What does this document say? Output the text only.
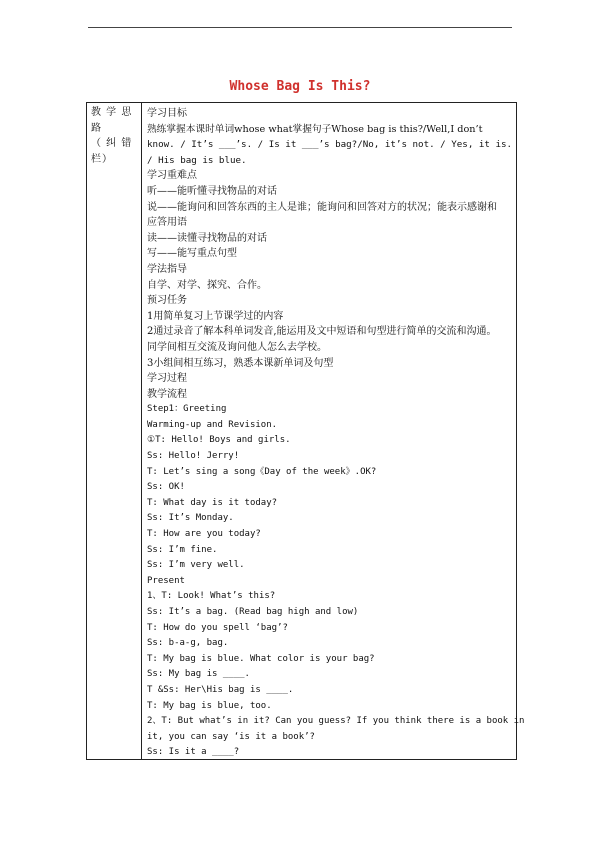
Whose Bag Is This?
教 学 思
路
（ 纠 错
栏）
学习目标
熟练掌握本课时单词whose what掌握句子Whose bag is this?/Well,I don’t
know. / It’s ___’s. / Is it ___’s bag?/No, it’s not. / Yes, it is.
/ His bag is blue.
学习重难点
听——能听懂寻找物品的对话
说——能询问和回答东西的主人是谁；能询问和回答对方的状况；能表示感谢和
应答用语
读——读懂寻找物品的对话
写——能写重点句型
学法指导
自学、对学、探究、合作。
预习任务
1用简单复习上节课学过的内容
2通过录音了解本科单词发音,能运用及文中短语和句型进行简单的交流和沟通。
同学间相互交流及询问他人怎么去学校。
3小组间相互练习，熟悉本课新单词及句型
学习过程
教学流程
Step1：Greeting
Warming-up and Revision.
①T: Hello! Boys and girls.
Ss: Hello! Jerry!
T: Let’s sing a song《Day of the week》.OK?
Ss: OK!
T: What day is it today?
Ss: It’s Monday.
T: How are you today?
Ss: I’m fine.
Ss: I’m very well.
Present
1、T: Look! What’s this?
Ss: It’s a bag. (Read bag high and low)
T: How do you spell ‘bag’?
Ss: b-a-g, bag.
T: My bag is blue. What color is your bag?
Ss: My bag is ____.
T &Ss: Her\His bag is ____.
T: My bag is blue, too.
2、T: But what’s in it? Can you guess? If you think there is a book in
it, you can say ‘is it a book’?
Ss: Is it a ____?
